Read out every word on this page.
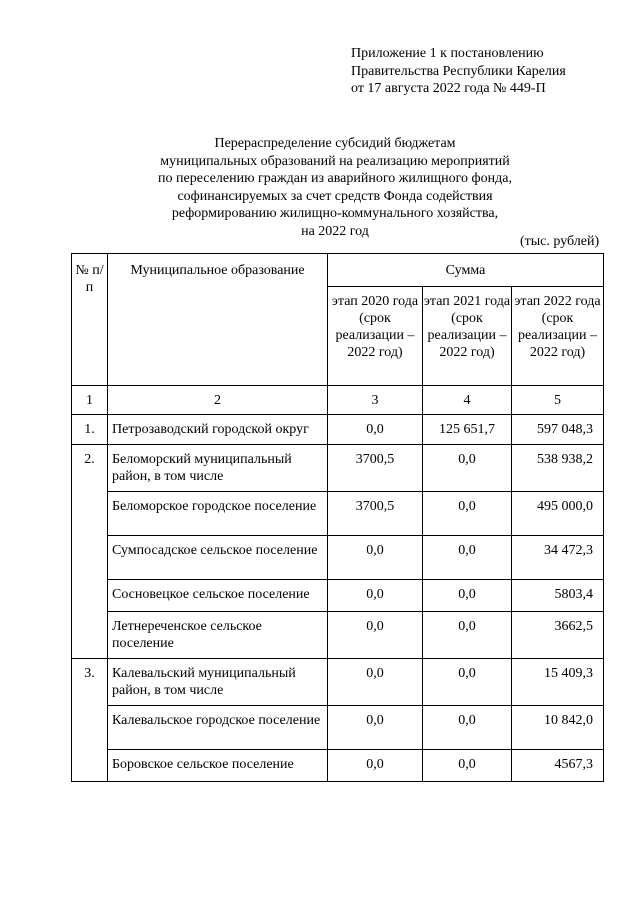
Приложение 1 к постановлению
Правительства Республики Карелия
от 17 августа 2022 года № 449-П
Перераспределение субсидий бюджетам
муниципальных образований на реализацию мероприятий
по переселению граждан из аварийного жилищного фонда,
софинансируемых за счет средств Фонда содействия
реформированию жилищно-коммунального хозяйства,
на 2022 год
(тыс. рублей)
№ п/п	Муниципальное образование	Сумма		
		этап 2020 года (срок реализации – 2022 год)	этап 2021 года (срок реализации – 2022 год)	этап 2022 года (срок реализации – 2022 год)
1	2	3	4	5
1.	Петрозаводский городской округ	0,0	125 651,7	597 048,3
2.	Беломорский муниципальный район, в том числе	3700,5	0,0	538 938,2
	Беломорское городское поселение	3700,5	0,0	495 000,0
	Сумпосадское сельское поселение	0,0	0,0	34 472,3
	Сосновецкое сельское поселение	0,0	0,0	5803,4
	Летнереченское сельское поселение	0,0	0,0	3662,5
3.	Калевальский муниципальный район, в том числе	0,0	0,0	15 409,3
	Калевальское городское поселение	0,0	0,0	10 842,0
	Боровское сельское поселение	0,0	0,0	4567,3
